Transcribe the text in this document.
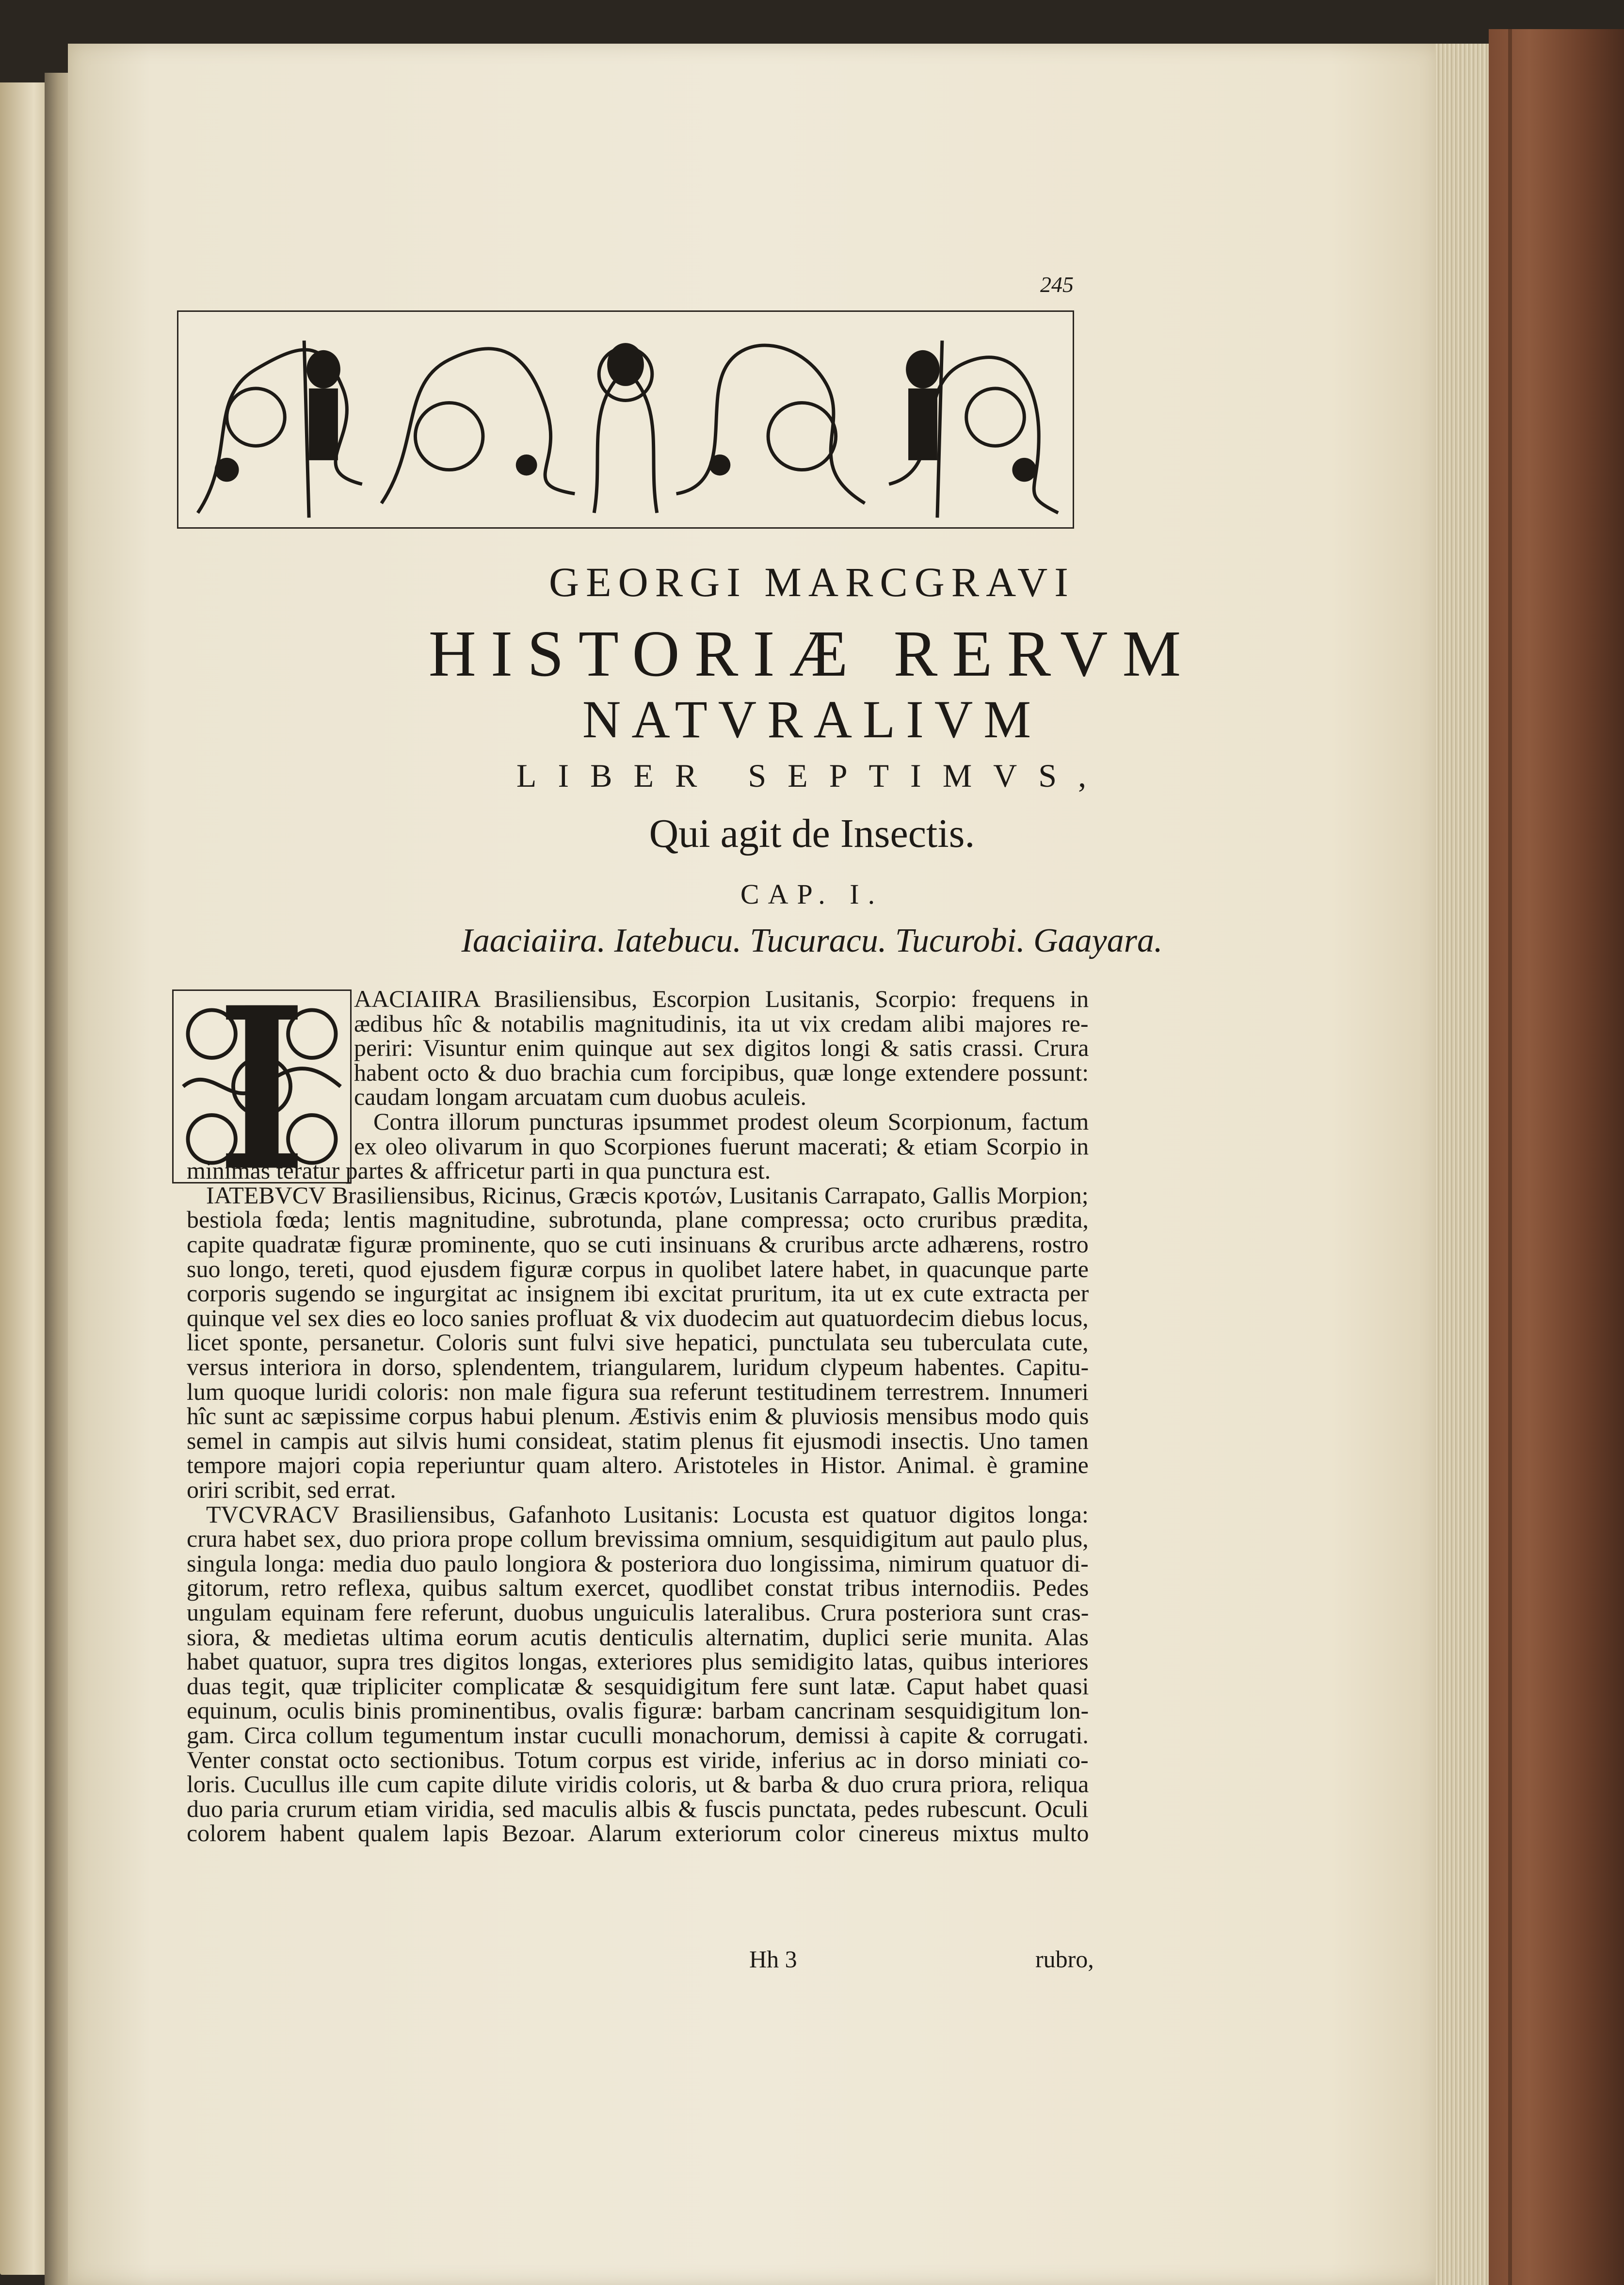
245
GEORGI MARCGRAVI
HISTORIÆ RERVM
NATVRALIVM
LIBER SEPTIMVS,
Qui agit de Insectis.
CAP. I.
Iaaciaiira. Iatebucu. Tucuracu. Tucurobi. Gaayara.
AACIAIIRA Brasiliensibus, Escorpion Lusitanis, Scorpio: frequens in
ædibus hîc & notabilis magnitudinis, ita ut vix credam alibi majores re-
periri: Visuntur enim quinque aut sex digitos longi & satis crassi. Crura
habent octo & duo brachia cum forcipibus, quæ longe extendere possunt:
caudam longam arcuatam cum duobus aculeis.
Contra illorum puncturas ipsummet prodest oleum Scorpionum, factum
ex oleo olivarum in quo Scorpiones fuerunt macerati; & etiam Scorpio in
minimas teratur partes & affricetur parti in qua punctura est.
IATEBVCV Brasiliensibus, Ricinus, Græcis κροτών, Lusitanis Carrapato, Gallis Morpion;
bestiola fœda; lentis magnitudine, subrotunda, plane compressa; octo cruribus prædita,
capite quadratæ figuræ prominente, quo se cuti insinuans & cruribus arcte adhærens, rostro
suo longo, tereti, quod ejusdem figuræ corpus in quolibet latere habet, in quacunque parte
corporis sugendo se ingurgitat ac insignem ibi excitat pruritum, ita ut ex cute extracta per
quinque vel sex dies eo loco sanies profluat & vix duodecim aut quatuordecim diebus locus,
licet sponte, persanetur. Coloris sunt fulvi sive hepatici, punctulata seu tuberculata cute,
versus interiora in dorso, splendentem, triangularem, luridum clypeum habentes. Capitu-
lum quoque luridi coloris: non male figura sua referunt testitudinem terrestrem. Innumeri
hîc sunt ac sæpissime corpus habui plenum. Æstivis enim & pluviosis mensibus modo quis
semel in campis aut silvis humi consideat, statim plenus fit ejusmodi insectis. Uno tamen
tempore majori copia reperiuntur quam altero. Aristoteles in Histor. Animal. è gramine
oriri scribit, sed errat.
TVCVRACV Brasiliensibus, Gafanhoto Lusitanis: Locusta est quatuor digitos longa:
crura habet sex, duo priora prope collum brevissima omnium, sesquidigitum aut paulo plus,
singula longa: media duo paulo longiora & posteriora duo longissima, nimirum quatuor di-
gitorum, retro reflexa, quibus saltum exercet, quodlibet constat tribus internodiis. Pedes
ungulam equinam fere referunt, duobus unguiculis lateralibus. Crura posteriora sunt cras-
siora, & medietas ultima eorum acutis denticulis alternatim, duplici serie munita. Alas
habet quatuor, supra tres digitos longas, exteriores plus semidigito latas, quibus interiores
duas tegit, quæ tripliciter complicatæ & sesquidigitum fere sunt latæ. Caput habet quasi
equinum, oculis binis prominentibus, ovalis figuræ: barbam cancrinam sesquidigitum lon-
gam. Circa collum tegumentum instar cuculli monachorum, demissi à capite & corrugati.
Venter constat octo sectionibus. Totum corpus est viride, inferius ac in dorso miniati co-
loris. Cucullus ille cum capite dilute viridis coloris, ut & barba & duo crura priora, reliqua
duo paria crurum etiam viridia, sed maculis albis & fuscis punctata, pedes rubescunt. Oculi
colorem habent qualem lapis Bezoar. Alarum exteriorum color cinereus mixtus multo
Hh 3	rubro,
